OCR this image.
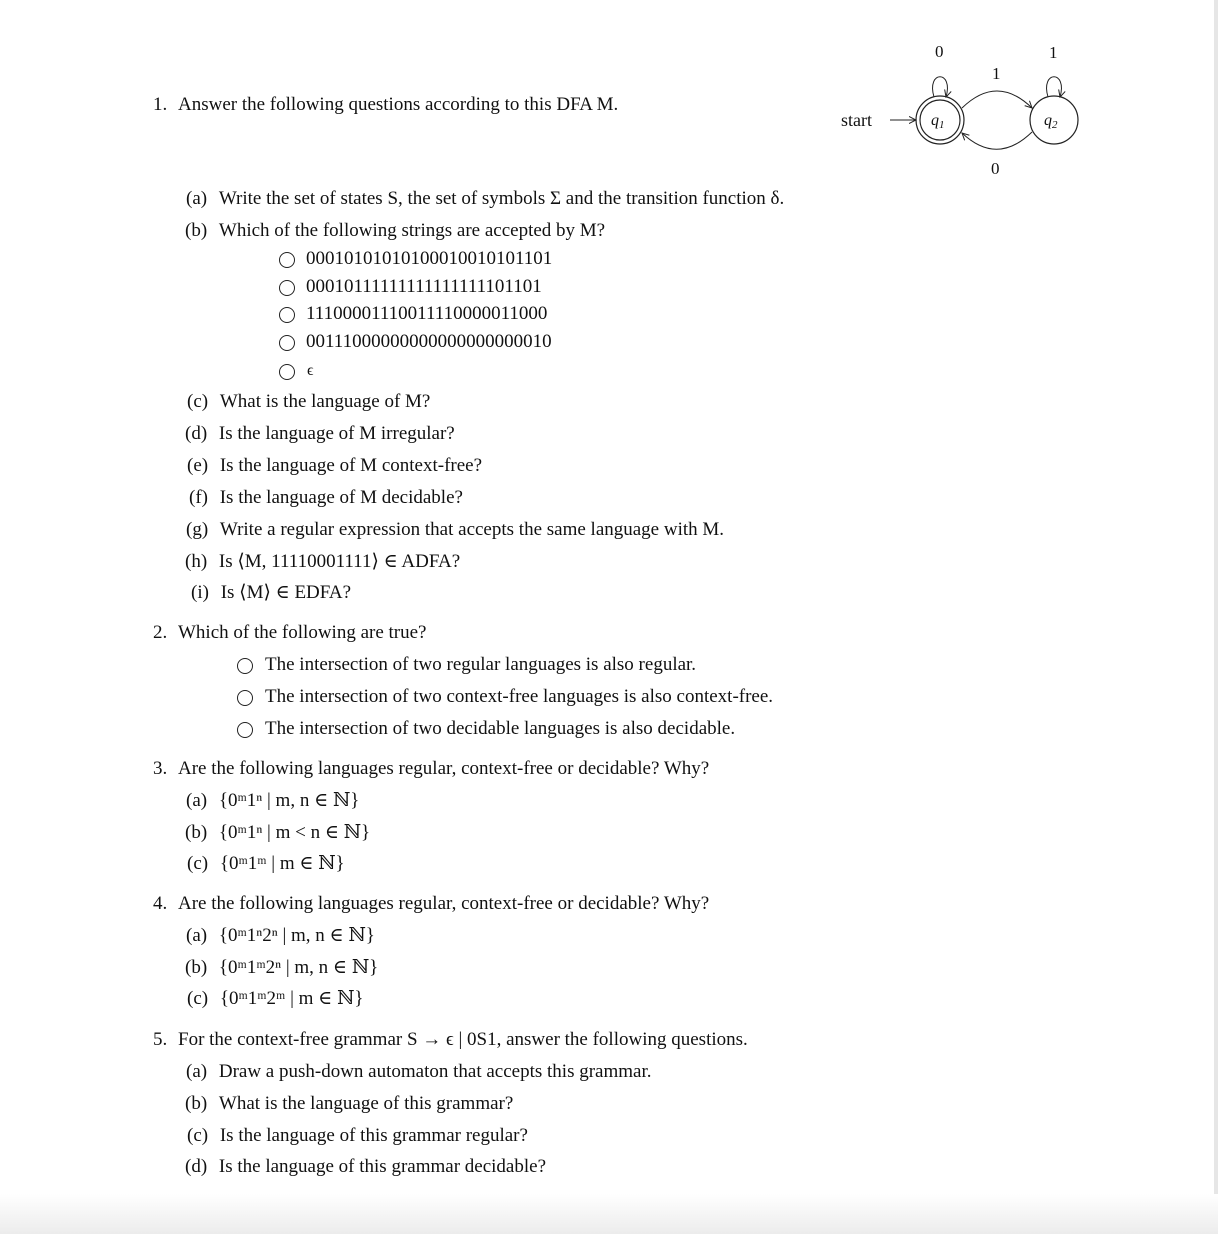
start	q1	q2
0	1
1
0
1. Answer the following questions according to this DFA M.
(a) Write the set of states S, the set of symbols Σ and the transition function δ.
(b) Which of the following strings are accepted by M?
00010101010100010010101101
00010111111111111111101101
11100001110011110000011000
00111000000000000000000010
ϵ
(c) What is the language of M?
(d) Is the language of M irregular?
(e) Is the language of M context-free?
(f) Is the language of M decidable?
(g) Write a regular expression that accepts the same language with M.
(h) Is ⟨M, 11110001111⟩ ∈ ADFA?
(i) Is ⟨M⟩ ∈ EDFA?
2. Which of the following are true?
The intersection of two regular languages is also regular.
The intersection of two context-free languages is also context-free.
The intersection of two decidable languages is also decidable.
3. Are the following languages regular, context-free or decidable? Why?
(a) {0ᵐ1ⁿ | m, n ∈ ℕ}
(b) {0ᵐ1ⁿ | m < n ∈ ℕ}
(c) {0ᵐ1ᵐ | m ∈ ℕ}
4. Are the following languages regular, context-free or decidable? Why?
(a) {0ᵐ1ⁿ2ⁿ | m, n ∈ ℕ}
(b) {0ᵐ1ᵐ2ⁿ | m, n ∈ ℕ}
(c) {0ᵐ1ᵐ2ᵐ | m ∈ ℕ}
5. For the context-free grammar S → ϵ | 0S1, answer the following questions.
(a) Draw a push-down automaton that accepts this grammar.
(b) What is the language of this grammar?
(c) Is the language of this grammar regular?
(d) Is the language of this grammar decidable?
